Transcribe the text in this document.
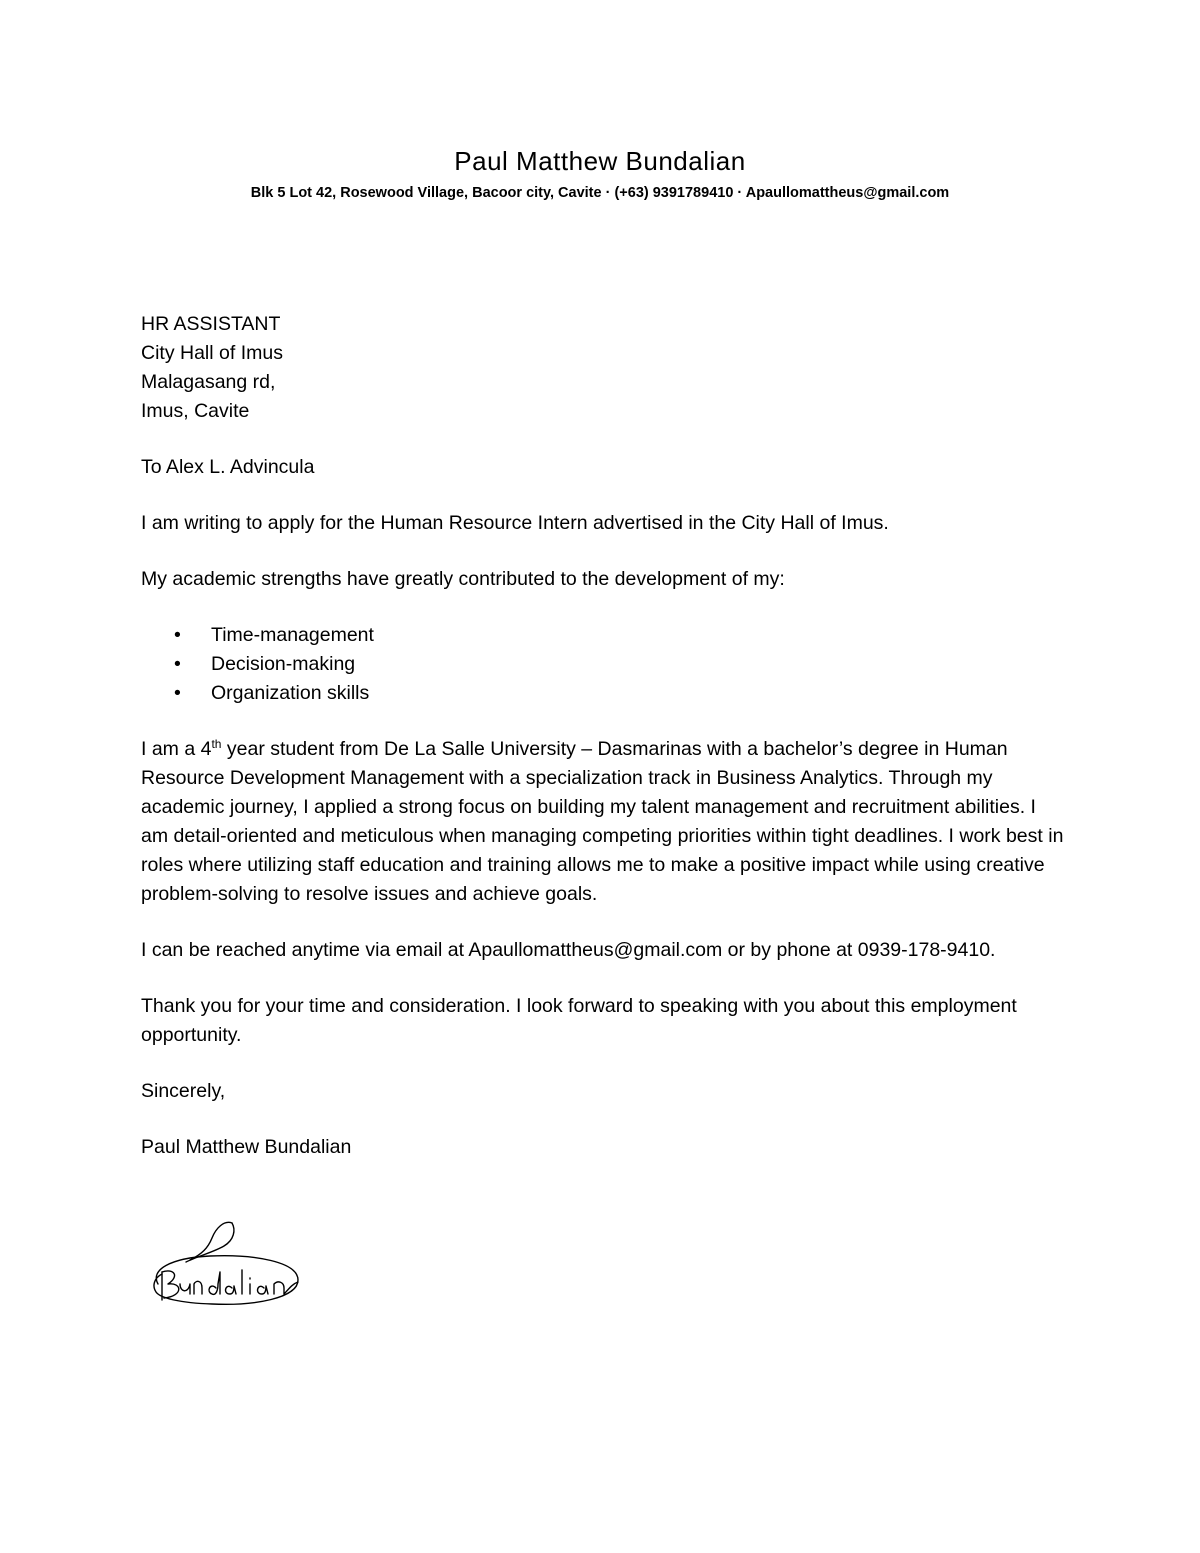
Paul Matthew Bundalian
Blk 5 Lot 42, Rosewood Village, Bacoor city, Cavite · (+63) 9391789410 · Apaullomattheus@gmail.com
HR ASSISTANT
City Hall of Imus
Malagasang rd,
Imus, Cavite

To Alex L. Advincula

I am writing to apply for the Human Resource Intern advertised in the City Hall of Imus.

My academic strengths have greatly contributed to the development of my:

• Time-management
• Decision-making
• Organization skills

I am a 4th year student from De La Salle University – Dasmarinas with a bachelor’s degree in Human Resource Development Management with a specialization track in Business Analytics. Through my academic journey, I applied a strong focus on building my talent management and recruitment abilities. I am detail-oriented and meticulous when managing competing priorities within tight deadlines. I work best in roles where utilizing staff education and training allows me to make a positive impact while using creative problem-solving to resolve issues and achieve goals.

I can be reached anytime via email at Apaullomattheus@gmail.com or by phone at 0939-178-9410.

Thank you for your time and consideration. I look forward to speaking with you about this employment opportunity.

Sincerely,

Paul Matthew Bundalian
